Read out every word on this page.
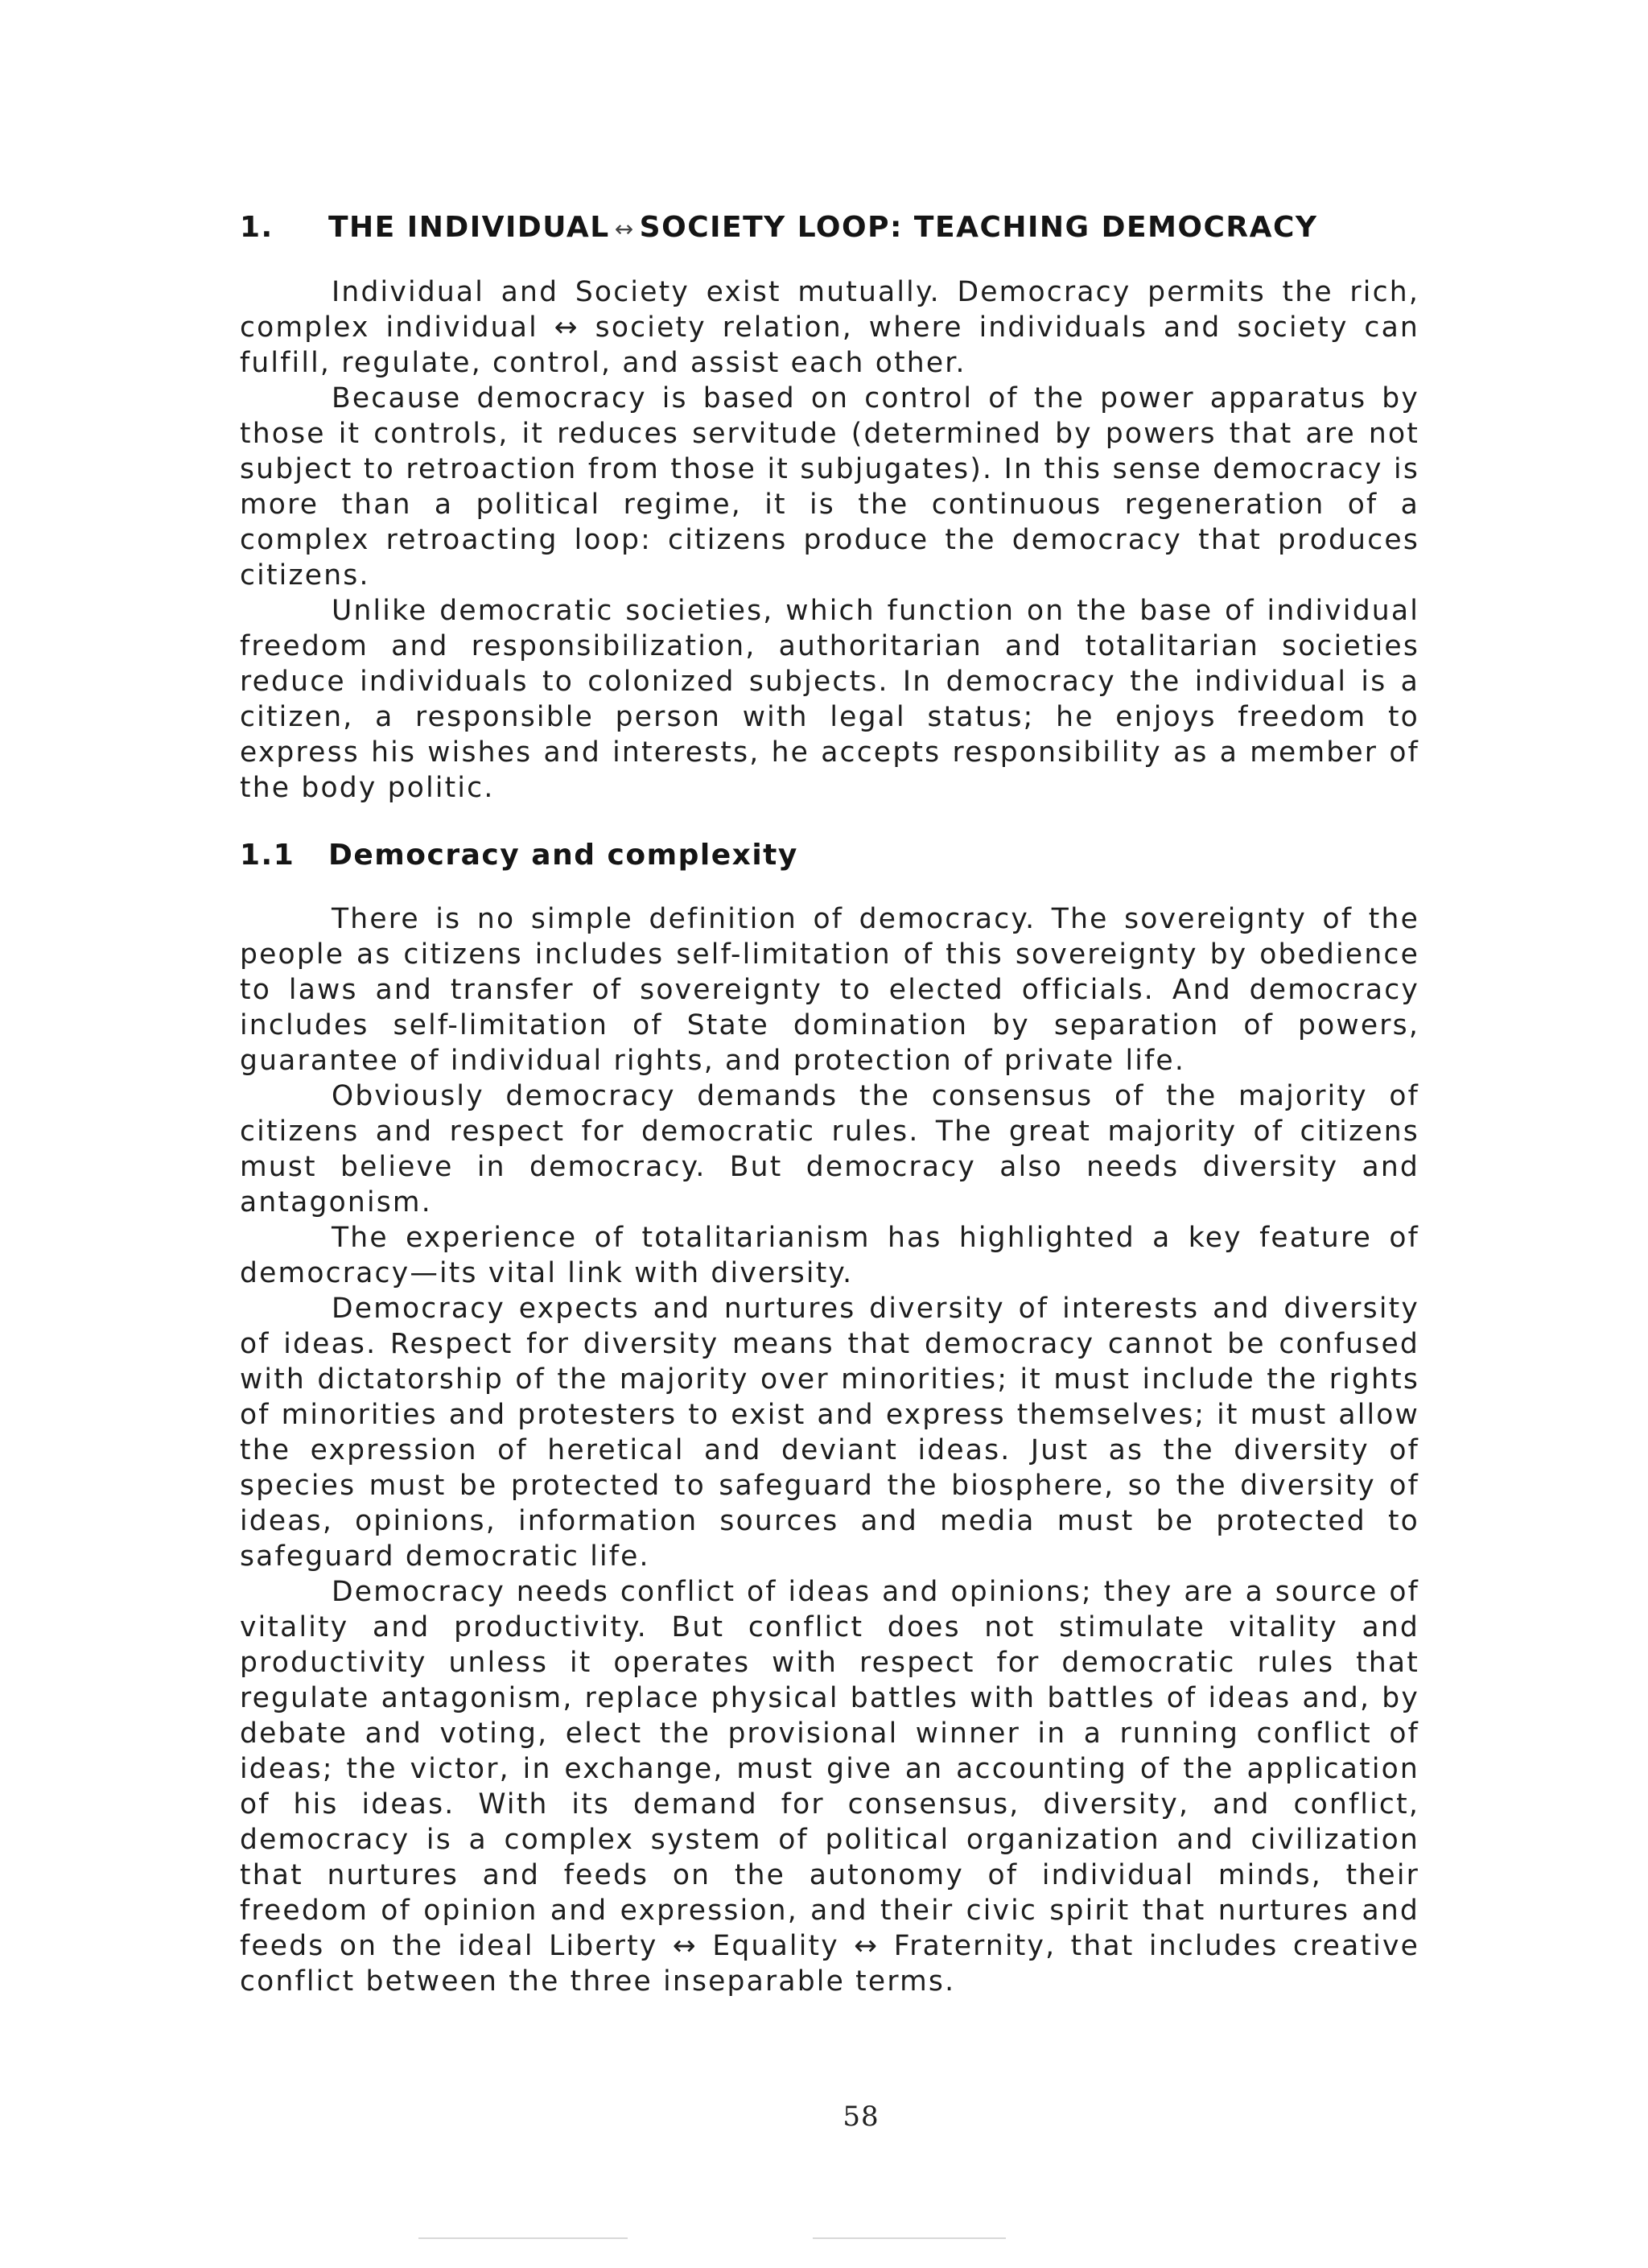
1. THE INDIVIDUAL ↔ SOCIETY LOOP: TEACHING DEMOCRACY

Individual and Society exist mutually. Democracy permits the rich, complex individual ↔ society relation, where individuals and society can fulfill, regulate, control, and assist each other.

Because democracy is based on control of the power apparatus by those it controls, it reduces servitude (determined by powers that are not subject to retroaction from those it subjugates). In this sense democracy is more than a political regime, it is the continuous regeneration of a complex retroacting loop: citizens produce the democracy that produces citizens.

Unlike democratic societies, which function on the base of individual freedom and responsibilization, authoritarian and totalitarian societies reduce individuals to colonized subjects. In democracy the individual is a citizen, a responsible person with legal status; he enjoys freedom to express his wishes and interests, he accepts responsibility as a member of the body politic.

1.1 Democracy and complexity

There is no simple definition of democracy. The sovereignty of the people as citizens includes self-limitation of this sovereignty by obedience to laws and transfer of sovereignty to elected officials. And democracy includes self-limitation of State domination by separation of powers, guarantee of individual rights, and protection of private life.

Obviously democracy demands the consensus of the majority of citizens and respect for democratic rules. The great majority of citizens must believe in democracy. But democracy also needs diversity and antagonism.

The experience of totalitarianism has highlighted a key feature of democracy—its vital link with diversity.

Democracy expects and nurtures diversity of interests and diversity of ideas. Respect for diversity means that democracy cannot be confused with dictatorship of the majority over minorities; it must include the rights of minorities and protesters to exist and express themselves; it must allow the expression of heretical and deviant ideas. Just as the diversity of species must be protected to safeguard the biosphere, so the diversity of ideas, opinions, information sources and media must be protected to safeguard democratic life.

Democracy needs conflict of ideas and opinions; they are a source of vitality and productivity. But conflict does not stimulate vitality and productivity unless it operates with respect for democratic rules that regulate antagonism, replace physical battles with battles of ideas and, by debate and voting, elect the provisional winner in a running conflict of ideas; the victor, in exchange, must give an accounting of the application of his ideas. With its demand for consensus, diversity, and conflict, democracy is a complex system of political organization and civilization that nurtures and feeds on the autonomy of individual minds, their freedom of opinion and expression, and their civic spirit that nurtures and feeds on the ideal Liberty ↔ Equality ↔ Fraternity, that includes creative conflict between the three inseparable terms.

58
